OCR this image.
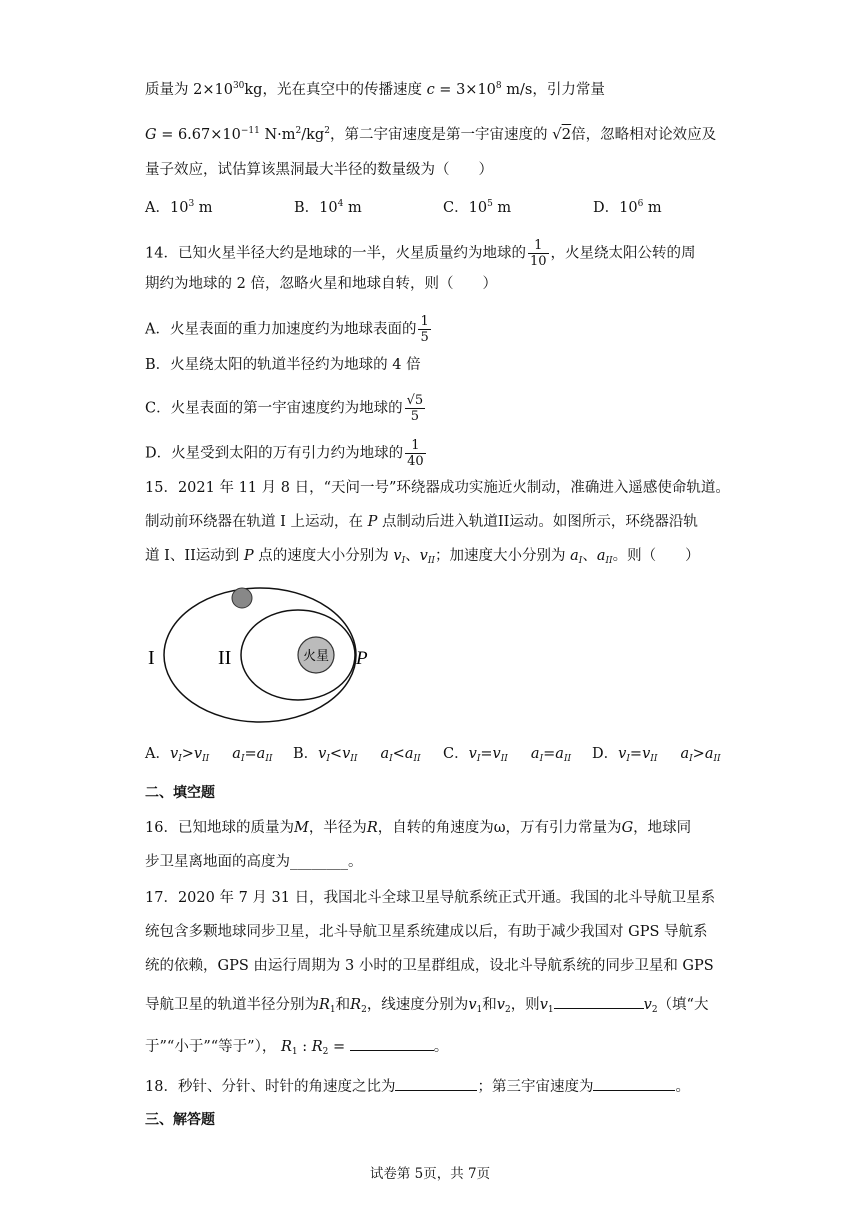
质量为 $2\times 10^{30}kg$，光在真空中的传播速度 $c = 3\times 10^8$ m/s，引力常量
$G = 6.67\times 10^{-11}$ $N\cdot m^2/kg^2$，第二宇宙速度是第一宇宙速度的 √2倍，忽略相对论效应及
量子效应，试估算该黑洞最大半径的数量级为（　　）
A．$10^3$ m	B．$10^4$ m	C．$10^5$ m	D．$10^6$ m
14．已知火星半径大约是地球的一半，火星质量约为地球的 $\frac{1}{10}$ ，火星绕太阳公转的周
期约为地球的 2 倍，忽略火星和地球自转，则（　　）
A．火星表面的重力加速度约为地球表面的 $\frac{1}{5}$
B．火星绕太阳的轨道半径约为地球的 4 倍
C．火星表面的第一宇宙速度约为地球的 $\frac{√5}{5}$
D．火星受到太阳的万有引力约为地球的 $\frac{1}{40}$
15．2021 年 11 月 8 日，“天问一号”环绕器成功实施近火制动，准确进入遥感使命轨道。
制动前环绕器在轨道 I 上运动，在 P 点制动后进入轨道II运动。如图所示，环绕器沿轨
道 I、II运动到 P 点的速度大小分别为 $v_I$、$v_{II}$；加速度大小分别为 $a_I$、$a_{II}$。则（　　）
火星
I	II	P
A．$v_I>v_{II}$ $a_I=a_{II}$ B．$v_I<v_{II}$ $a_I<a_{II}$ C．$v_I=v_{II}$ $a_I=a_{II}$ D．$v_I=v_{II}$ $a_I>a_{II}$
二、填空题
16．已知地球的质量为M，半径为R，自转的角速度为ω，万有引力常量为G，地球同
步卫星离地面的高度为________。
17．2020 年 7 月 31 日，我国北斗全球卫星导航系统正式开通。我国的北斗导航卫星系
统包含多颗地球同步卫星，北斗导航卫星系统建成以后，有助于减少我国对 GPS 导航系
统的依赖，GPS 由运行周期为 3 小时的卫星群组成，设北斗导航系统的同步卫星和 GPS
导航卫星的轨道半径分别为$R_1$和$R_2$，线速度分别为$v_1$和$v_2$，则$v_1$	$v_2$（填“大
于”“小于”“等于”）， $R_1$ : $R_2$ =	。
18．秒针、分针、时针的角速度之比为	；第三宇宙速度为	。
三、解答题
试卷第 5页，共 7页
